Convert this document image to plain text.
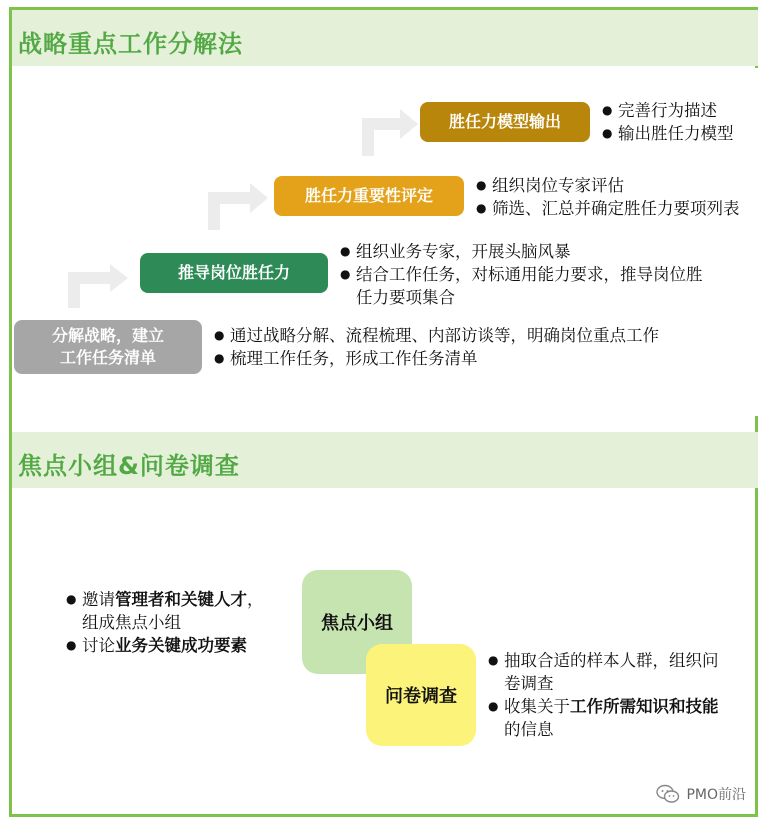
战略重点工作分解法
分解战略，建立
工作任务清单
推导岗位胜任力
胜任力重要性评定
胜任力模型输出
● 通过战略分解、流程梳理、内部访谈等，明确岗位重点工作
● 梳理工作任务，形成工作任务清单
● 组织业务专家，开展头脑风暴
● 结合工作任务，对标通用能力要求，推导岗位胜
任力要项集合
● 组织岗位专家评估
● 筛选、汇总并确定胜任力要项列表
● 完善行为描述
● 输出胜任力模型
焦点小组&问卷调查
焦点小组
问卷调查
● 邀请管理者和关键人才，
组成焦点小组
● 讨论业务关键成功要素
● 抽取合适的样本人群，组织问
卷调查
● 收集关于工作所需知识和技能
的信息
PMO前沿
